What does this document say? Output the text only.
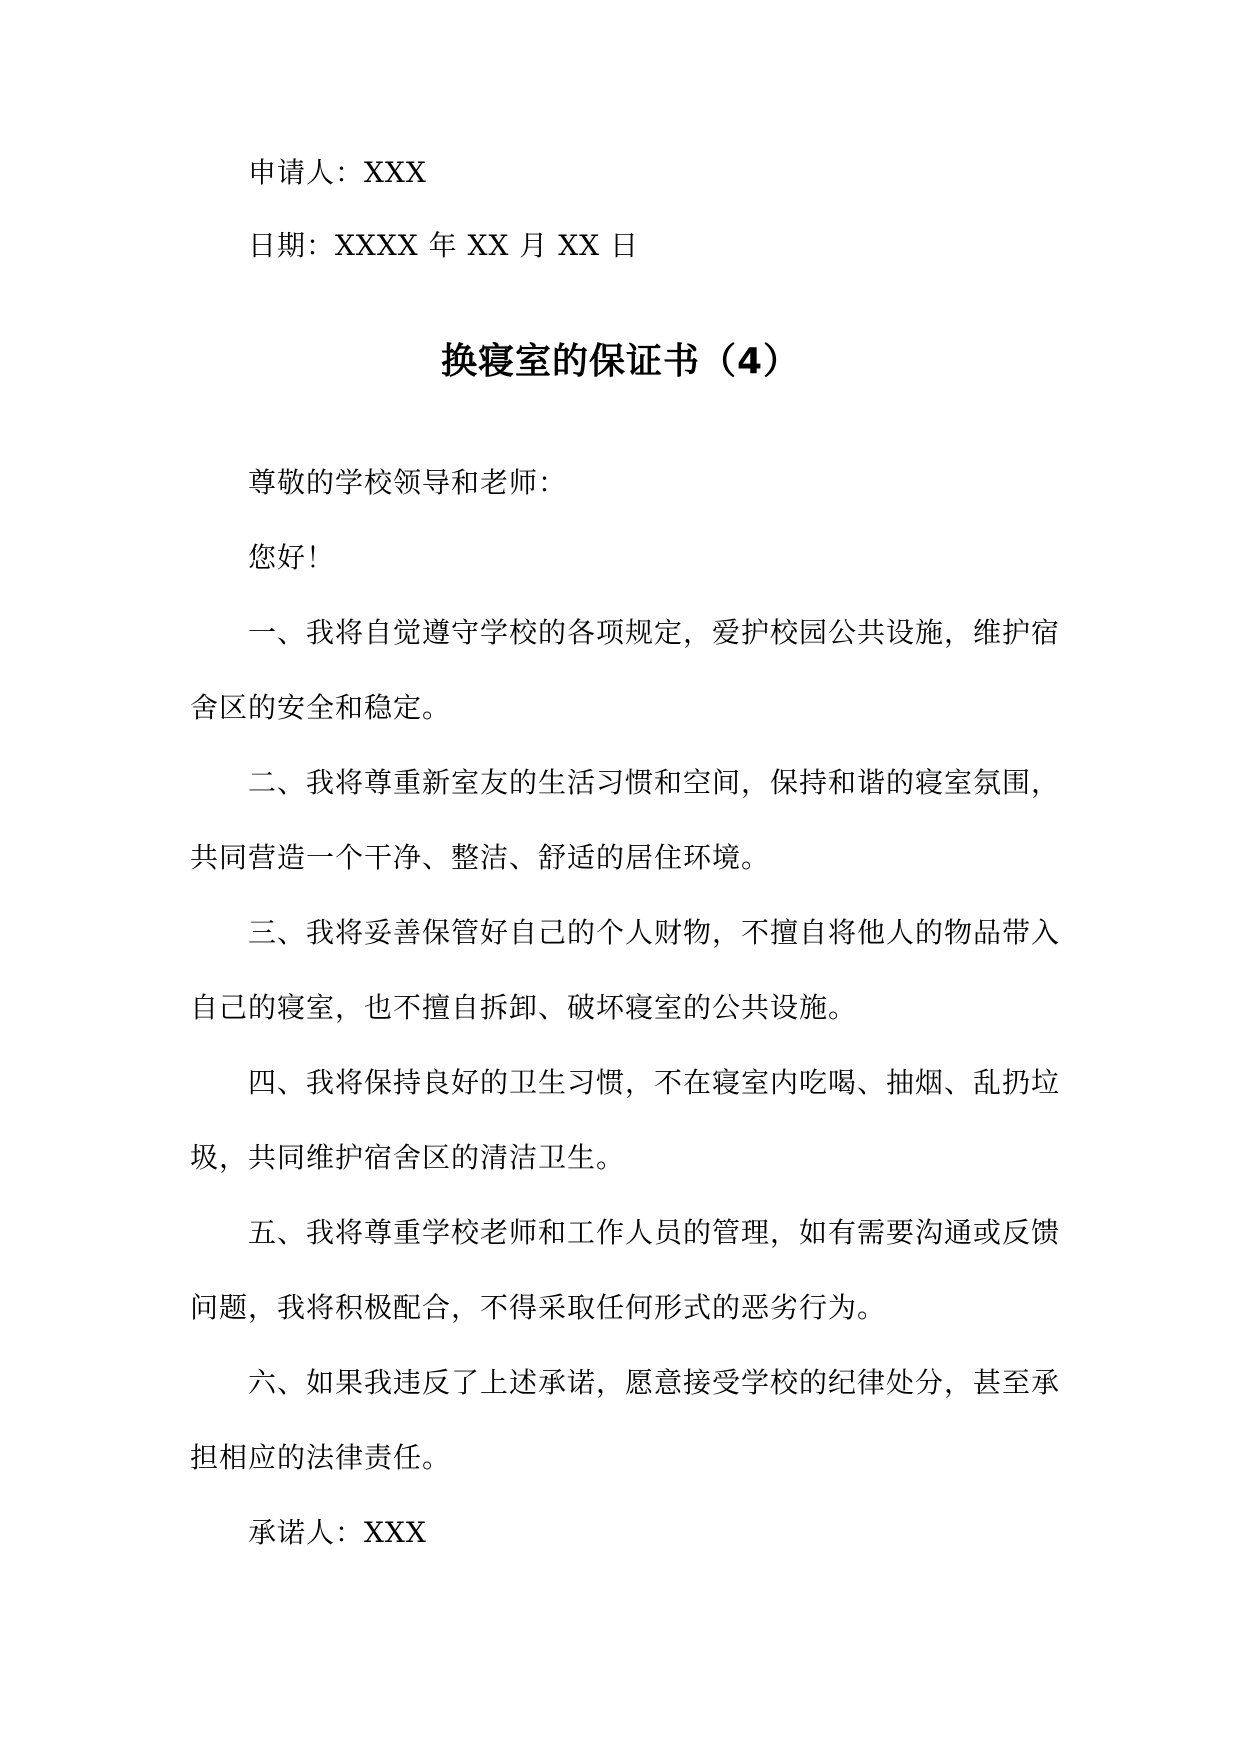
申请人：XXX
日期：XXXX 年 XX 月 XX 日
换寝室的保证书（4）
尊敬的学校领导和老师：
您好！
一、我将自觉遵守学校的各项规定，爱护校园公共设施，维护宿
舍区的安全和稳定。
二、我将尊重新室友的生活习惯和空间，保持和谐的寝室氛围，
共同营造一个干净、整洁、舒适的居住环境。
三、我将妥善保管好自己的个人财物，不擅自将他人的物品带入
自己的寝室，也不擅自拆卸、破坏寝室的公共设施。
四、我将保持良好的卫生习惯，不在寝室内吃喝、抽烟、乱扔垃
圾，共同维护宿舍区的清洁卫生。
五、我将尊重学校老师和工作人员的管理，如有需要沟通或反馈
问题，我将积极配合，不得采取任何形式的恶劣行为。
六、如果我违反了上述承诺，愿意接受学校的纪律处分，甚至承
担相应的法律责任。
承诺人：XXX
